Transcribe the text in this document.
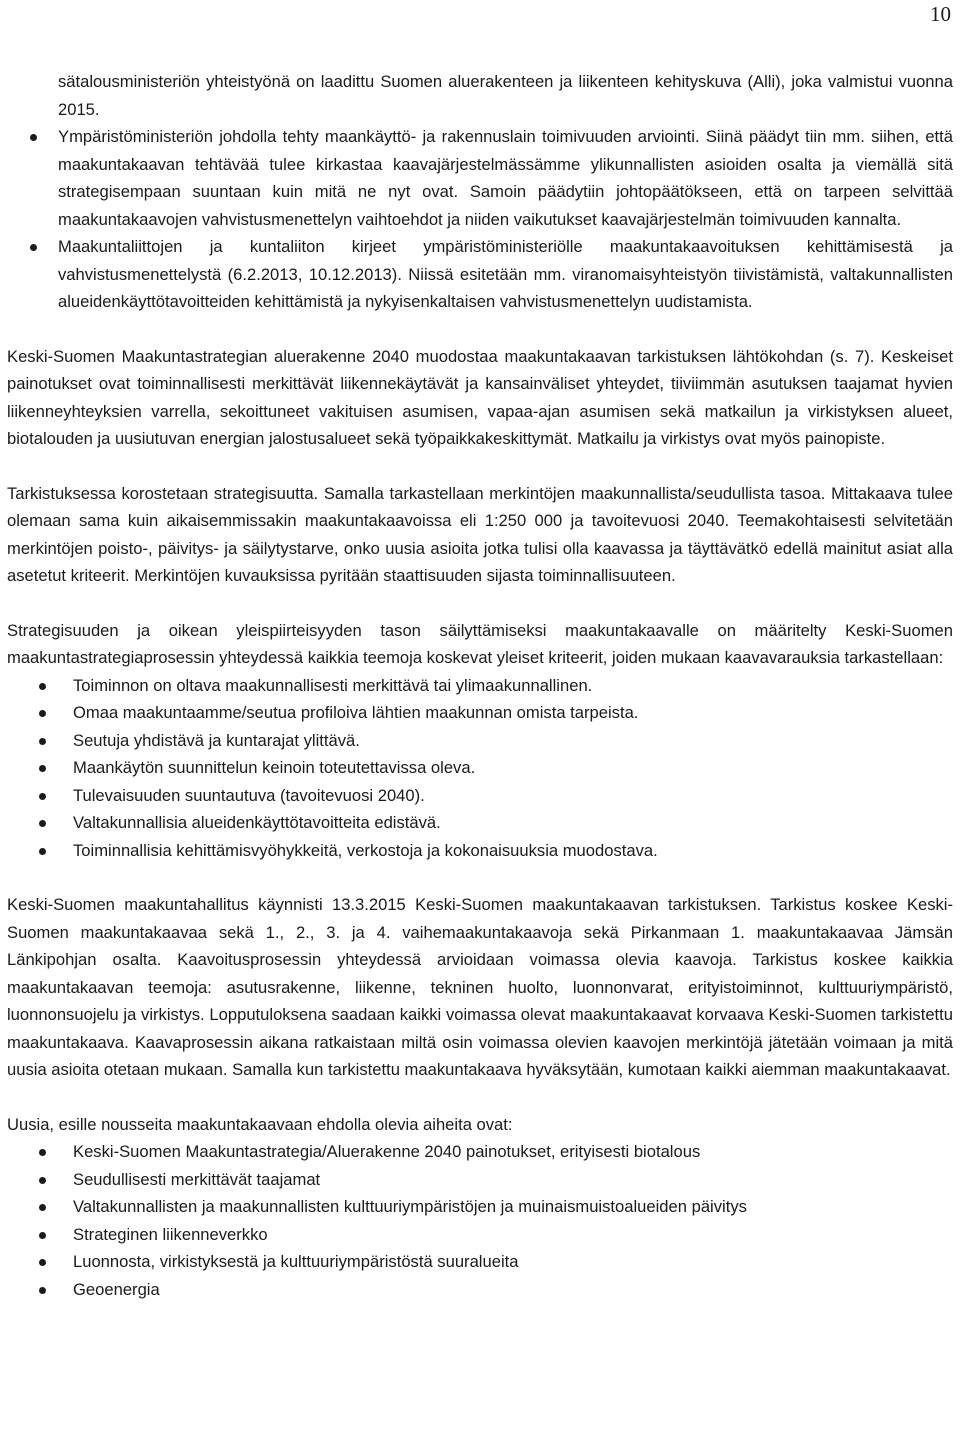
10

sätalousministeriön yhteistyönä on laadittu Suomen aluerakenteen ja liikenteen kehityskuva (Alli), joka valmistui vuonna 2015.

Ympäristöministeriön johdolla tehty maankäyttö- ja rakennuslain toimivuuden arviointi. Siinä päädyt tiin mm. siihen, että maakuntakaavan tehtävää tulee kirkastaa kaavajärjestelmässämme ylikunnallisten asioiden osalta ja viemällä sitä strategisempaan suuntaan kuin mitä ne nyt ovat. Samoin päädytiin johtopäätökseen, että on tarpeen selvittää maakuntakaavojen vahvistusmenettelyn vaihtoehdot ja niiden vaikutukset kaavajärjestelmän toimivuuden kannalta.
Maakuntaliittojen ja kuntaliiton kirjeet ympäristöministeriölle maakuntakaavoituksen kehittämisestä ja vahvistusmenettelystä (6.2.2013, 10.12.2013). Niissä esitetään mm. viranomaisyhteistyön tiivistämistä, valtakunnallisten alueidenkäyttötavoitteiden kehittämistä ja nykyisenkaltaisen vahvistusmenettelyn uudistamista.

Keski-Suomen Maakuntastrategian aluerakenne 2040 muodostaa maakuntakaavan tarkistuksen lähtökohdan (s. 7). Keskeiset painotukset ovat toiminnallisesti merkittävät liikennekäytävät ja kansainväliset yhteydet, tiiviimmän asutuksen taajamat hyvien liikenneyhteyksien varrella, sekoittuneet vakituisen asumisen, vapaa-ajan asumisen sekä matkailun ja virkistyksen alueet, biotalouden ja uusiutuvan energian jalostusalueet sekä työpaikkakeskittymät. Matkailu ja virkistys ovat myös painopiste.

Tarkistuksessa korostetaan strategisuutta. Samalla tarkastellaan merkintöjen maakunnallista/seudullista tasoa. Mittakaava tulee olemaan sama kuin aikaisemmissakin maakuntakaavoissa eli 1:250 000 ja tavoitevuosi 2040. Teemakohtaisesti selvitetään merkintöjen poisto-, päivitys- ja säilytystarve, onko uusia asioita jotka tulisi olla kaavassa ja täyttävätkö edellä mainitut asiat alla asetetut kriteerit. Merkintöjen kuvauksissa pyritään staattisuuden sijasta toiminnallisuuteen.

Strategisuuden ja oikean yleispiirteisyyden tason säilyttämiseksi maakuntakaavalle on määritelty Keski-Suomen maakuntastrategiaprosessin yhteydessä kaikkia teemoja koskevat yleiset kriteerit, joiden mukaan kaavavarauksia tarkastellaan:

Toiminnon on oltava maakunnallisesti merkittävä tai ylimaakunnallinen.
Omaa maakuntaamme/seutua profiloiva lähtien maakunnan omista tarpeista.
Seutuja yhdistävä ja kuntarajat ylittävä.
Maankäytön suunnittelun keinoin toteutettavissa oleva.
Tulevaisuuden suuntautuva (tavoitevuosi 2040).
Valtakunnallisia alueidenkäyttötavoitteita edistävä.
Toiminnallisia kehittämisvyöhykkeitä, verkostoja ja kokonaisuuksia muodostava.

Keski-Suomen maakuntahallitus käynnisti 13.3.2015 Keski-Suomen maakuntakaavan tarkistuksen. Tarkistus koskee Keski-Suomen maakuntakaavaa sekä 1., 2., 3. ja 4. vaihemaakuntakaavoja sekä Pirkanmaan 1. maakuntakaavaa Jämsän Länkipohjan osalta. Kaavoitusprosessin yhteydessä arvioidaan voimassa olevia kaavoja. Tarkistus koskee kaikkia maakuntakaavan teemoja: asutusrakenne, liikenne, tekninen huolto, luonnonvarat, erityistoiminnot, kulttuuriympäristö, luonnonsuojelu ja virkistys. Lopputuloksena saadaan kaikki voimassa olevat maakuntakaavat korvaava Keski-Suomen tarkistettu maakuntakaava. Kaavaprosessin aikana ratkaistaan miltä osin voimassa olevien kaavojen merkintöjä jätetään voimaan ja mitä uusia asioita otetaan mukaan. Samalla kun tarkistettu maakuntakaava hyväksytään, kumotaan kaikki aiemman maakuntakaavat.

Uusia, esille nousseita maakuntakaavaan ehdolla olevia aiheita ovat:

Keski-Suomen Maakuntastrategia/Aluerakenne 2040 painotukset, erityisesti biotalous
Seudullisesti merkittävät taajamat
Valtakunnallisten ja maakunnallisten kulttuuriympäristöjen ja muinaismuistoalueiden päivitys
Strateginen liikenneverkko
Luonnosta, virkistyksestä ja kulttuuriympäristöstä suuralueita
Geoenergia
